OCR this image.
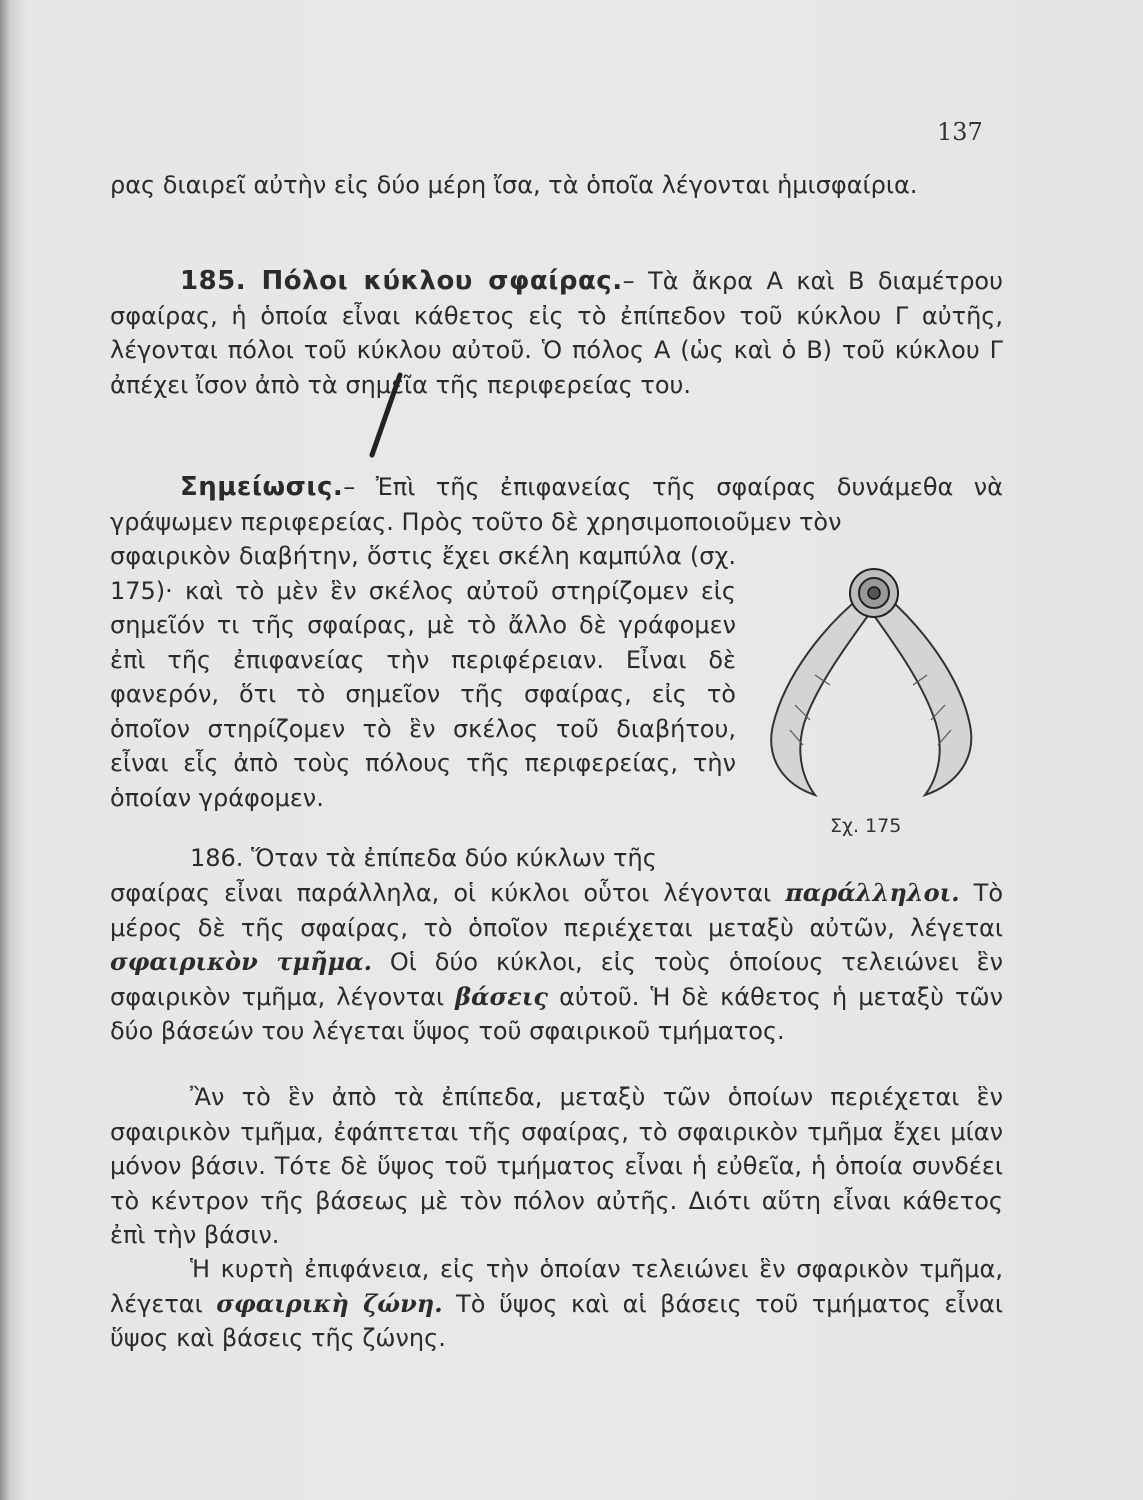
137

ρας διαιρεῖ αὐτὴν εἰς δύο μέρη ἴσα, τὰ ὁποῖα λέγονται ἡμισφαίρια.

185. Πόλοι κύκλου σφαίρας.– Τὰ ἄκρα Α καὶ Β διαμέτρου σφαίρας, ἡ ὁποία εἶναι κάθετος εἰς τὸ ἐπίπεδον τοῦ κύκλου Γ αὐτῆς, λέγονται πόλοι τοῦ κύκλου αὐτοῦ. Ὁ πόλος Α (ὡς καὶ ὁ Β) τοῦ κύκλου Γ ἀπέχει ἴσον ἀπὸ τὰ σημεῖα τῆς περιφερείας του.

Σημείωσις.– Ἐπὶ τῆς ἐπιφανείας τῆς σφαίρας δυνάμεθα νὰ γράψωμεν περιφερείας. Πρὸς τοῦτο δὲ χρησιμοποιοῦμεν τὸν

σφαιρικὸν διαβήτην, ὅστις ἔχει σκέλη καμπύλα (σχ. 175)· καὶ τὸ μὲν ἓν σκέλος αὐτοῦ στηρίζομεν εἰς σημεῖόν τι τῆς σφαίρας, μὲ τὸ ἄλλο δὲ γράφομεν ἐπὶ τῆς ἐπιφανείας τὴν περιφέρειαν. Εἶναι δὲ φανερόν, ὅτι τὸ σημεῖον τῆς σφαίρας, εἰς τὸ ὁποῖον στηρίζομεν τὸ ἓν σκέλος τοῦ διαβήτου, εἶναι εἷς ἀπὸ τοὺς πόλους τῆς περιφερείας, τὴν ὁποίαν γράφομεν.

Σχ. 175

186. Ὅταν τὰ ἐπίπεδα δύο κύκλων τῆς

σφαίρας εἶναι παράλληλα, οἱ κύκλοι οὗτοι λέγονται παράλληλοι. Τὸ μέρος δὲ τῆς σφαίρας, τὸ ὁποῖον περιέχεται μεταξὺ αὐτῶν, λέγεται σφαιρικὸν τμῆμα. Οἱ δύο κύκλοι, εἰς τοὺς ὁποίους τελειώνει ἓν σφαιρικὸν τμῆμα, λέγονται βάσεις αὐτοῦ. Ἡ δὲ κάθετος ἡ μεταξὺ τῶν δύο βάσεών του λέγεται ὕψος τοῦ σφαιρικοῦ τμήματος.

Ἂν τὸ ἓν ἀπὸ τὰ ἐπίπεδα, μεταξὺ τῶν ὁποίων περιέχεται ἓν σφαιρικὸν τμῆμα, ἐφάπτεται τῆς σφαίρας, τὸ σφαιρικὸν τμῆμα ἔχει μίαν μόνον βάσιν. Τότε δὲ ὕψος τοῦ τμήματος εἶναι ἡ εὐθεῖα, ἡ ὁποία συνδέει τὸ κέντρον τῆς βάσεως μὲ τὸν πόλον αὐτῆς. Διότι αὕτη εἶναι κάθετος ἐπὶ τὴν βάσιν.

Ἡ κυρτὴ ἐπιφάνεια, εἰς τὴν ὁποίαν τελειώνει ἓν σφαρικὸν τμῆμα, λέγεται σφαιρικὴ ζώνη. Τὸ ὕψος καὶ αἱ βάσεις τοῦ τμήματος εἶναι ὕψος καὶ βάσεις τῆς ζώνης.
